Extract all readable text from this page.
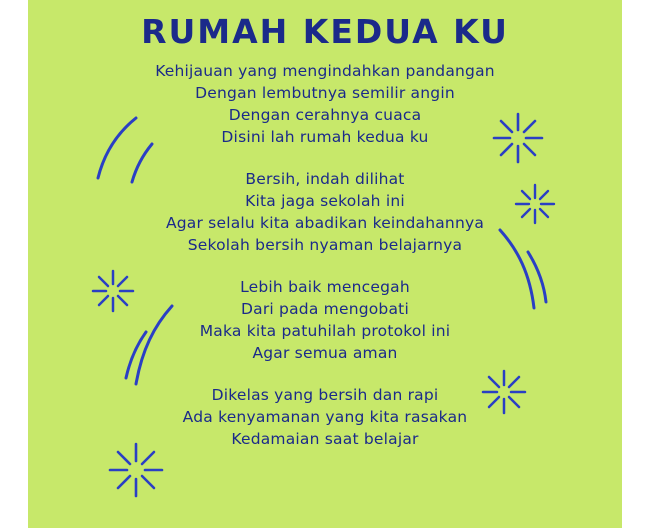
RUMAH KEDUA KU
Kehijauan yang mengindahkan pandangan
Dengan lembutnya semilir angin
Dengan cerahnya cuaca
Disini lah rumah kedua ku
Bersih, indah dilihat
Kita jaga sekolah ini
Agar selalu kita abadikan keindahannya
Sekolah bersih nyaman belajarnya
Lebih baik mencegah
Dari pada mengobati
Maka kita patuhilah protokol ini
Agar semua aman
Dikelas yang bersih dan rapi
Ada kenyamanan yang kita rasakan
Kedamaian saat belajar
